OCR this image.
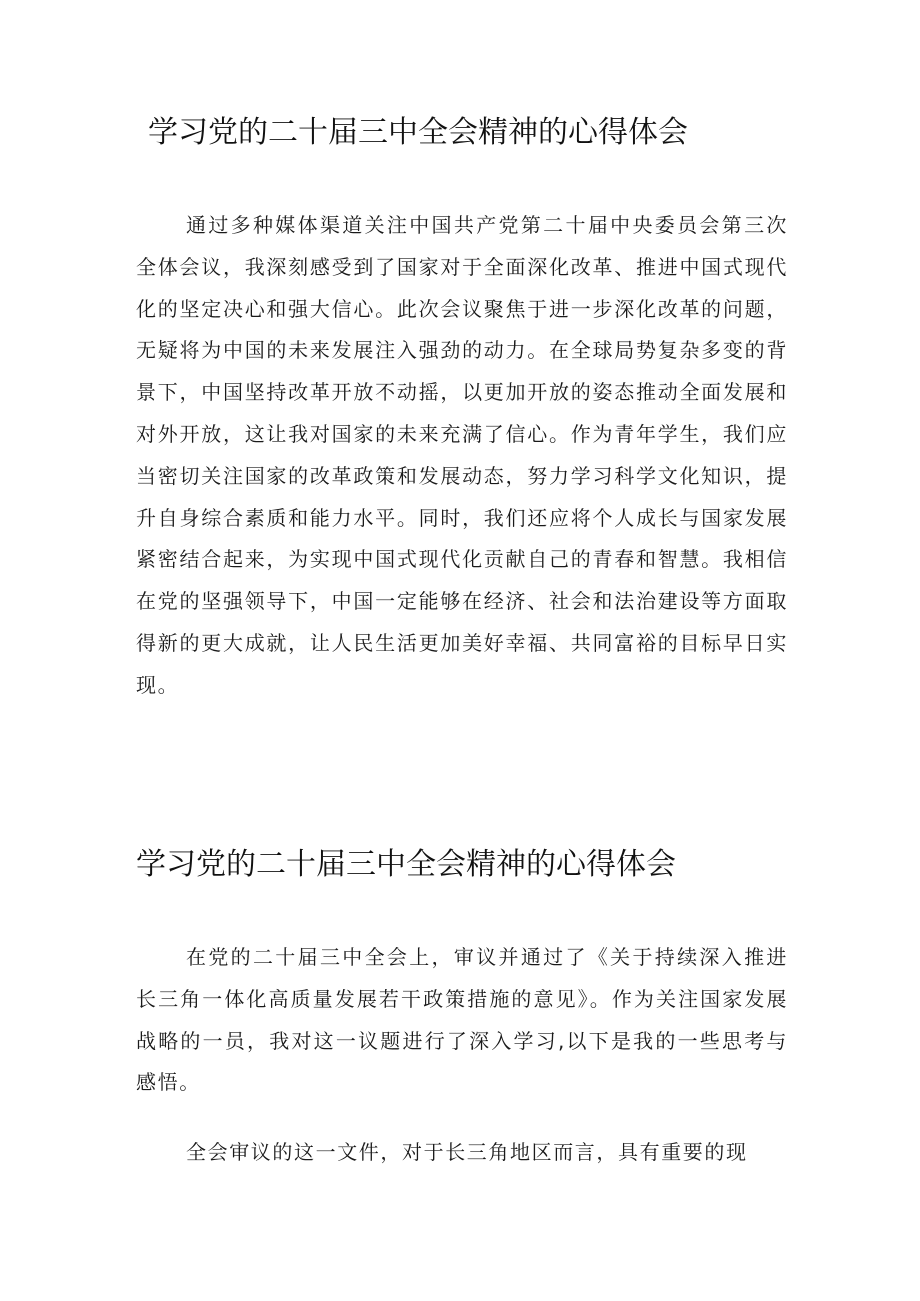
学习党的二十届三中全会精神的心得体会

通过多种媒体渠道关注中国共产党第二十届中央委员会第三次全体会议，我深刻感受到了国家对于全面深化改革、推进中国式现代化的坚定决心和强大信心。此次会议聚焦于进一步深化改革的问题，无疑将为中国的未来发展注入强劲的动力。在全球局势复杂多变的背景下，中国坚持改革开放不动摇，以更加开放的姿态推动全面发展和对外开放，这让我对国家的未来充满了信心。作为青年学生，我们应当密切关注国家的改革政策和发展动态，努力学习科学文化知识，提升自身综合素质和能力水平。同时，我们还应将个人成长与国家发展紧密结合起来，为实现中国式现代化贡献自己的青春和智慧。我相信在党的坚强领导下，中国一定能够在经济、社会和法治建设等方面取得新的更大成就，让人民生活更加美好幸福、共同富裕的目标早日实现。

学习党的二十届三中全会精神的心得体会

在党的二十届三中全会上，审议并通过了《关于持续深入推进长三角一体化高质量发展若干政策措施的意见》。作为关注国家发展战略的一员，我对这一议题进行了深入学习,以下是我的一些思考与感悟。

全会审议的这一文件，对于长三角地区而言，具有重要的现
